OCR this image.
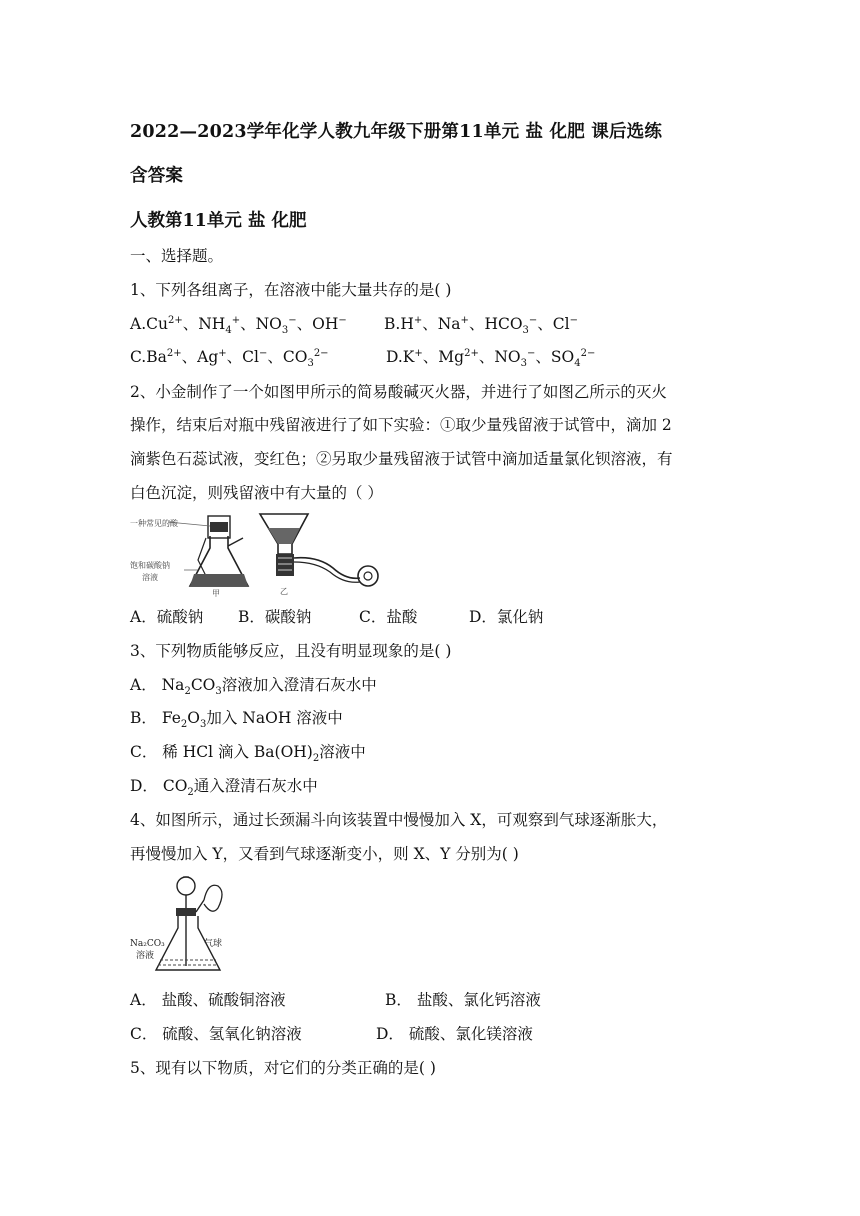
2022—2023学年化学人教九年级下册第11单元 盐 化肥 课后选练
含答案
人教第11单元 盐 化肥
一、选择题。
1、下列各组离子，在溶液中能大量共存的是( )
$A.Cu^{2+}$、$NH_4^+$、$NO_3^-$、OH− B.H+、Na+、$HCO_3^-$、Cl−
$C.Ba^{2+}$、Ag+、Cl−、$CO_3^{2-}$	D.K+、$Mg^{2+}$、$NO_3^-$、$SO_4^{2-}$
2、小金制作了一个如图甲所示的简易酸碱灭火器，并进行了如图乙所示的灭火
操作，结束后对瓶中残留液进行了如下实验：①取少量残留液于试管中，滴加 2
滴紫色石蕊试液，变红色；②另取少量残留液于试管中滴加适量氯化钡溶液，有
白色沉淀，则残留液中有大量的（ ）
一种常见的酸
饱和碳酸钠
溶液
甲	乙
A．硫酸钠 B．碳酸钠	C．盐酸	D．氯化钠
3、下列物质能够反应，且没有明显现象的是( )
A． $Na_2CO_3$溶液加入澄清石灰水中
B． $Fe_2O_3$加入 NaOH 溶液中
C． 稀 HCl 滴入 $Ba(OH)_2$溶液中
D． $CO_2$通入澄清石灰水中
4、如图所示，通过长颈漏斗向该装置中慢慢加入 X，可观察到气球逐渐胀大，
再慢慢加入 Y，又看到气球逐渐变小，则 X、Y 分别为( )
Na₂CO₃
溶液
气球
A． 盐酸、硫酸铜溶液	B． 盐酸、氯化钙溶液
C． 硫酸、氢氧化钠溶液	D． 硫酸、氯化镁溶液
5、现有以下物质，对它们的分类正确的是( )
